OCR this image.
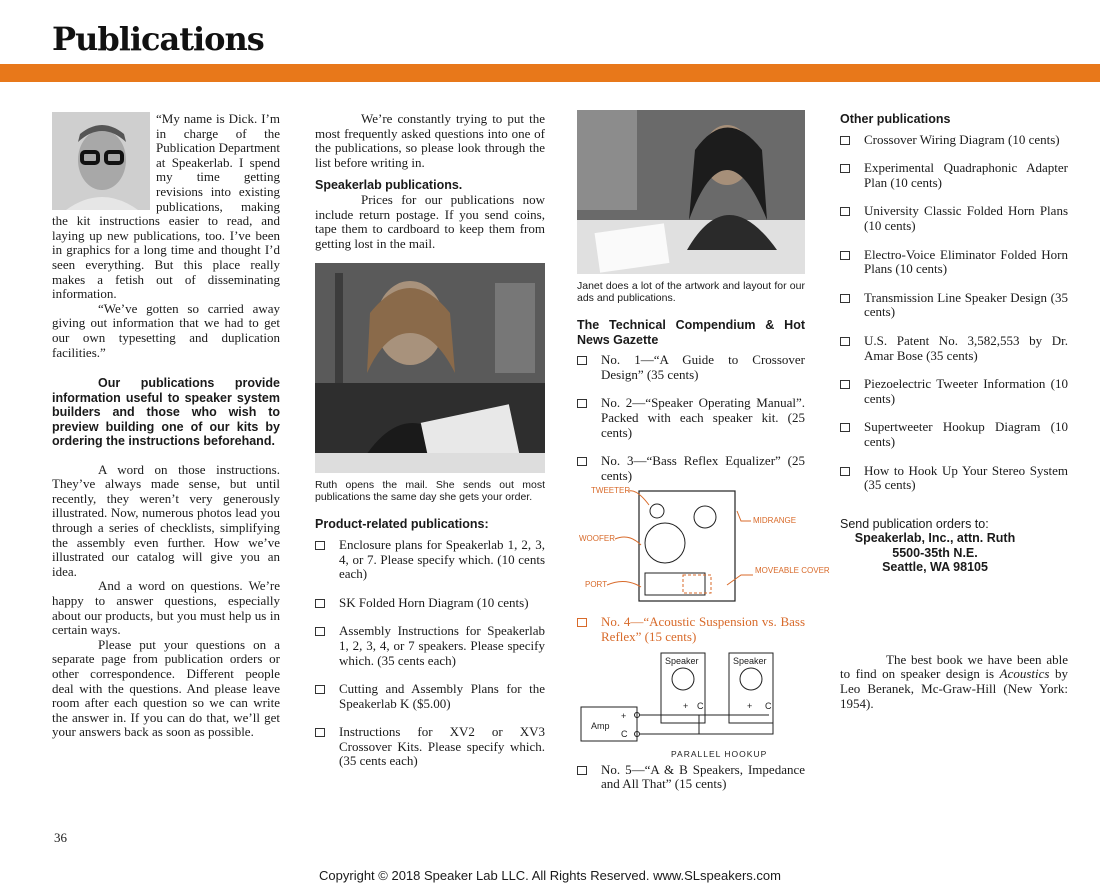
Publications

“My name is Dick. I’m in charge of the Publication Department at Speakerlab. I spend my time getting revisions into existing publications, making the kit instructions easier to read, and laying up new publications, too. I’ve been in graphics for a long time and thought I’d seen everything. But this place really makes a fetish out of disseminating information.

“We’ve gotten so carried away giving out information that we had to get our own typesetting and duplication facilities.”

Our publications provide information useful to speaker system builders and those who wish to preview building one of our kits by ordering the instructions beforehand.

A word on those instructions. They’ve always made sense, but until recently, they weren’t very generously illustrated. Now, numerous photos lead you through a series of checklists, simplifying the assembly even further. How we’ve illustrated our catalog will give you an idea.

And a word on questions. We’re happy to answer questions, especially about our products, but you must help us in certain ways.

Please put your questions on a separate page from publication orders or other correspondence. Different people deal with the questions. And please leave room after each question so we can write the answer in. If you can do that, we’ll get your answers back as soon as possible.

We’re constantly trying to put the most frequently asked questions into one of the publications, so please look through the list before writing in.

Speakerlab publications.

Prices for our publications now include return postage. If you send coins, tape them to cardboard to keep them from getting lost in the mail.

Ruth opens the mail. She sends out most publications the same day she gets your order.

Product-related publications:

Enclosure plans for Speakerlab 1, 2, 3, 4, or 7. Please specify which. (10 cents each)
SK Folded Horn Diagram (10 cents)
Assembly Instructions for Speakerlab 1, 2, 3, 4, or 7 speakers. Please specify which. (35 cents each)
Cutting and Assembly Plans for the Speakerlab K ($5.00)
Instructions for XV2 or XV3 Crossover Kits. Please specify which. (35 cents each)

Janet does a lot of the artwork and layout for our ads and publications.

The Technical Compendium & Hot News Gazette

No. 1—“A Guide to Crossover Design” (35 cents)
No. 2—“Speaker Operating Manual”. Packed with each speaker kit. (25 cents)
No. 3—“Bass Reflex Equalizer” (25 cents)
TWEETER
MIDRANGE
WOOFER
PORT
MOVEABLE COVER
No. 4—“Acoustic Suspension vs. Bass Reflex” (15 cents)
Speaker	Speaker
Amp
+
C
+ C	+ C
PARALLEL HOOKUP
No. 5—“A & B Speakers, Impedance and All That” (15 cents)

Other publications

Crossover Wiring Diagram (10 cents)
Experimental Quadraphonic Adapter Plan (10 cents)
University Classic Folded Horn Plans (10 cents)
Electro-Voice Eliminator Folded Horn Plans (10 cents)
Transmission Line Speaker Design (35 cents)
U.S. Patent No. 3,582,553 by Dr. Amar Bose (35 cents)
Piezoelectric Tweeter Information (10 cents)
Supertweeter Hookup Diagram (10 cents)
How to Hook Up Your Stereo System (35 cents)

Send publication orders to:

Speakerlab, Inc., attn. Ruth
5500-35th N.E.
Seattle, WA 98105

The best book we have been able to find on speaker design is Acoustics by Leo Beranek, Mc-Graw-Hill (New York: 1954).

36
Copyright © 2018 Speaker Lab LLC. All Rights Reserved. www.SLspeakers.com
